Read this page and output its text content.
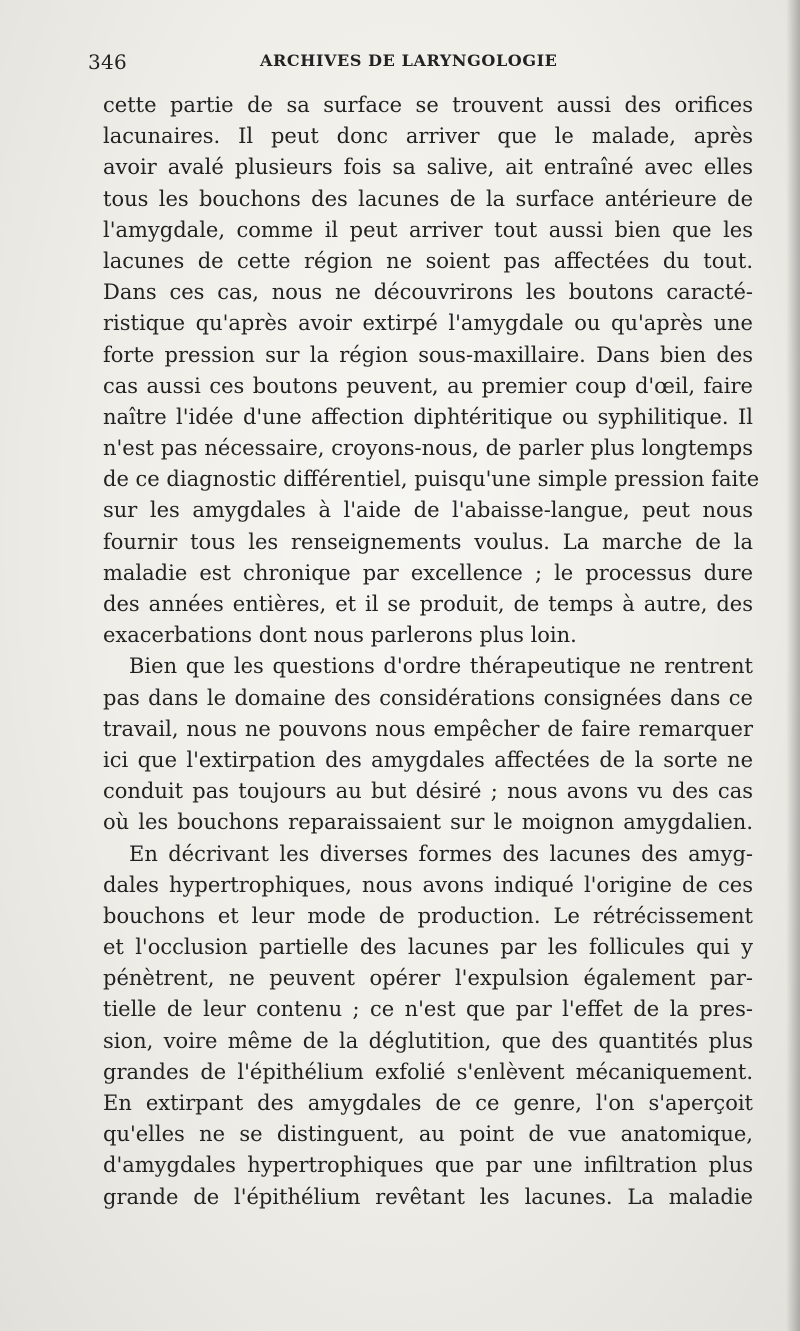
346	ARCHIVES DE LARYNGOLOGIE
cette partie de sa surface se trouvent aussi des orifices
lacunaires. Il peut donc arriver que le malade, après
avoir avalé plusieurs fois sa salive, ait entraîné avec elles
tous les bouchons des lacunes de la surface antérieure de
l'amygdale, comme il peut arriver tout aussi bien que les
lacunes de cette région ne soient pas affectées du tout.
Dans ces cas, nous ne découvrirons les boutons caracté-
ristique qu'après avoir extirpé l'amygdale ou qu'après une
forte pression sur la région sous-maxillaire. Dans bien des
cas aussi ces boutons peuvent, au premier coup d'œil, faire
naître l'idée d'une affection diphtéritique ou syphilitique. Il
n'est pas nécessaire, croyons-nous, de parler plus longtemps
de ce diagnostic différentiel, puisqu'une simple pression faite
sur les amygdales à l'aide de l'abaisse-langue, peut nous
fournir tous les renseignements voulus. La marche de la
maladie est chronique par excellence ; le processus dure
des années entières, et il se produit, de temps à autre, des
exacerbations dont nous parlerons plus loin.
Bien que les questions d'ordre thérapeutique ne rentrent
pas dans le domaine des considérations consignées dans ce
travail, nous ne pouvons nous empêcher de faire remarquer
ici que l'extirpation des amygdales affectées de la sorte ne
conduit pas toujours au but désiré ; nous avons vu des cas
où les bouchons reparaissaient sur le moignon amygdalien.
En décrivant les diverses formes des lacunes des amyg-
dales hypertrophiques, nous avons indiqué l'origine de ces
bouchons et leur mode de production. Le rétrécissement
et l'occlusion partielle des lacunes par les follicules qui y
pénètrent, ne peuvent opérer l'expulsion également par-
tielle de leur contenu ; ce n'est que par l'effet de la pres-
sion, voire même de la déglutition, que des quantités plus
grandes de l'épithélium exfolié s'enlèvent mécaniquement.
En extirpant des amygdales de ce genre, l'on s'aperçoit
qu'elles ne se distinguent, au point de vue anatomique,
d'amygdales hypertrophiques que par une infiltration plus
grande de l'épithélium revêtant les lacunes. La maladie
